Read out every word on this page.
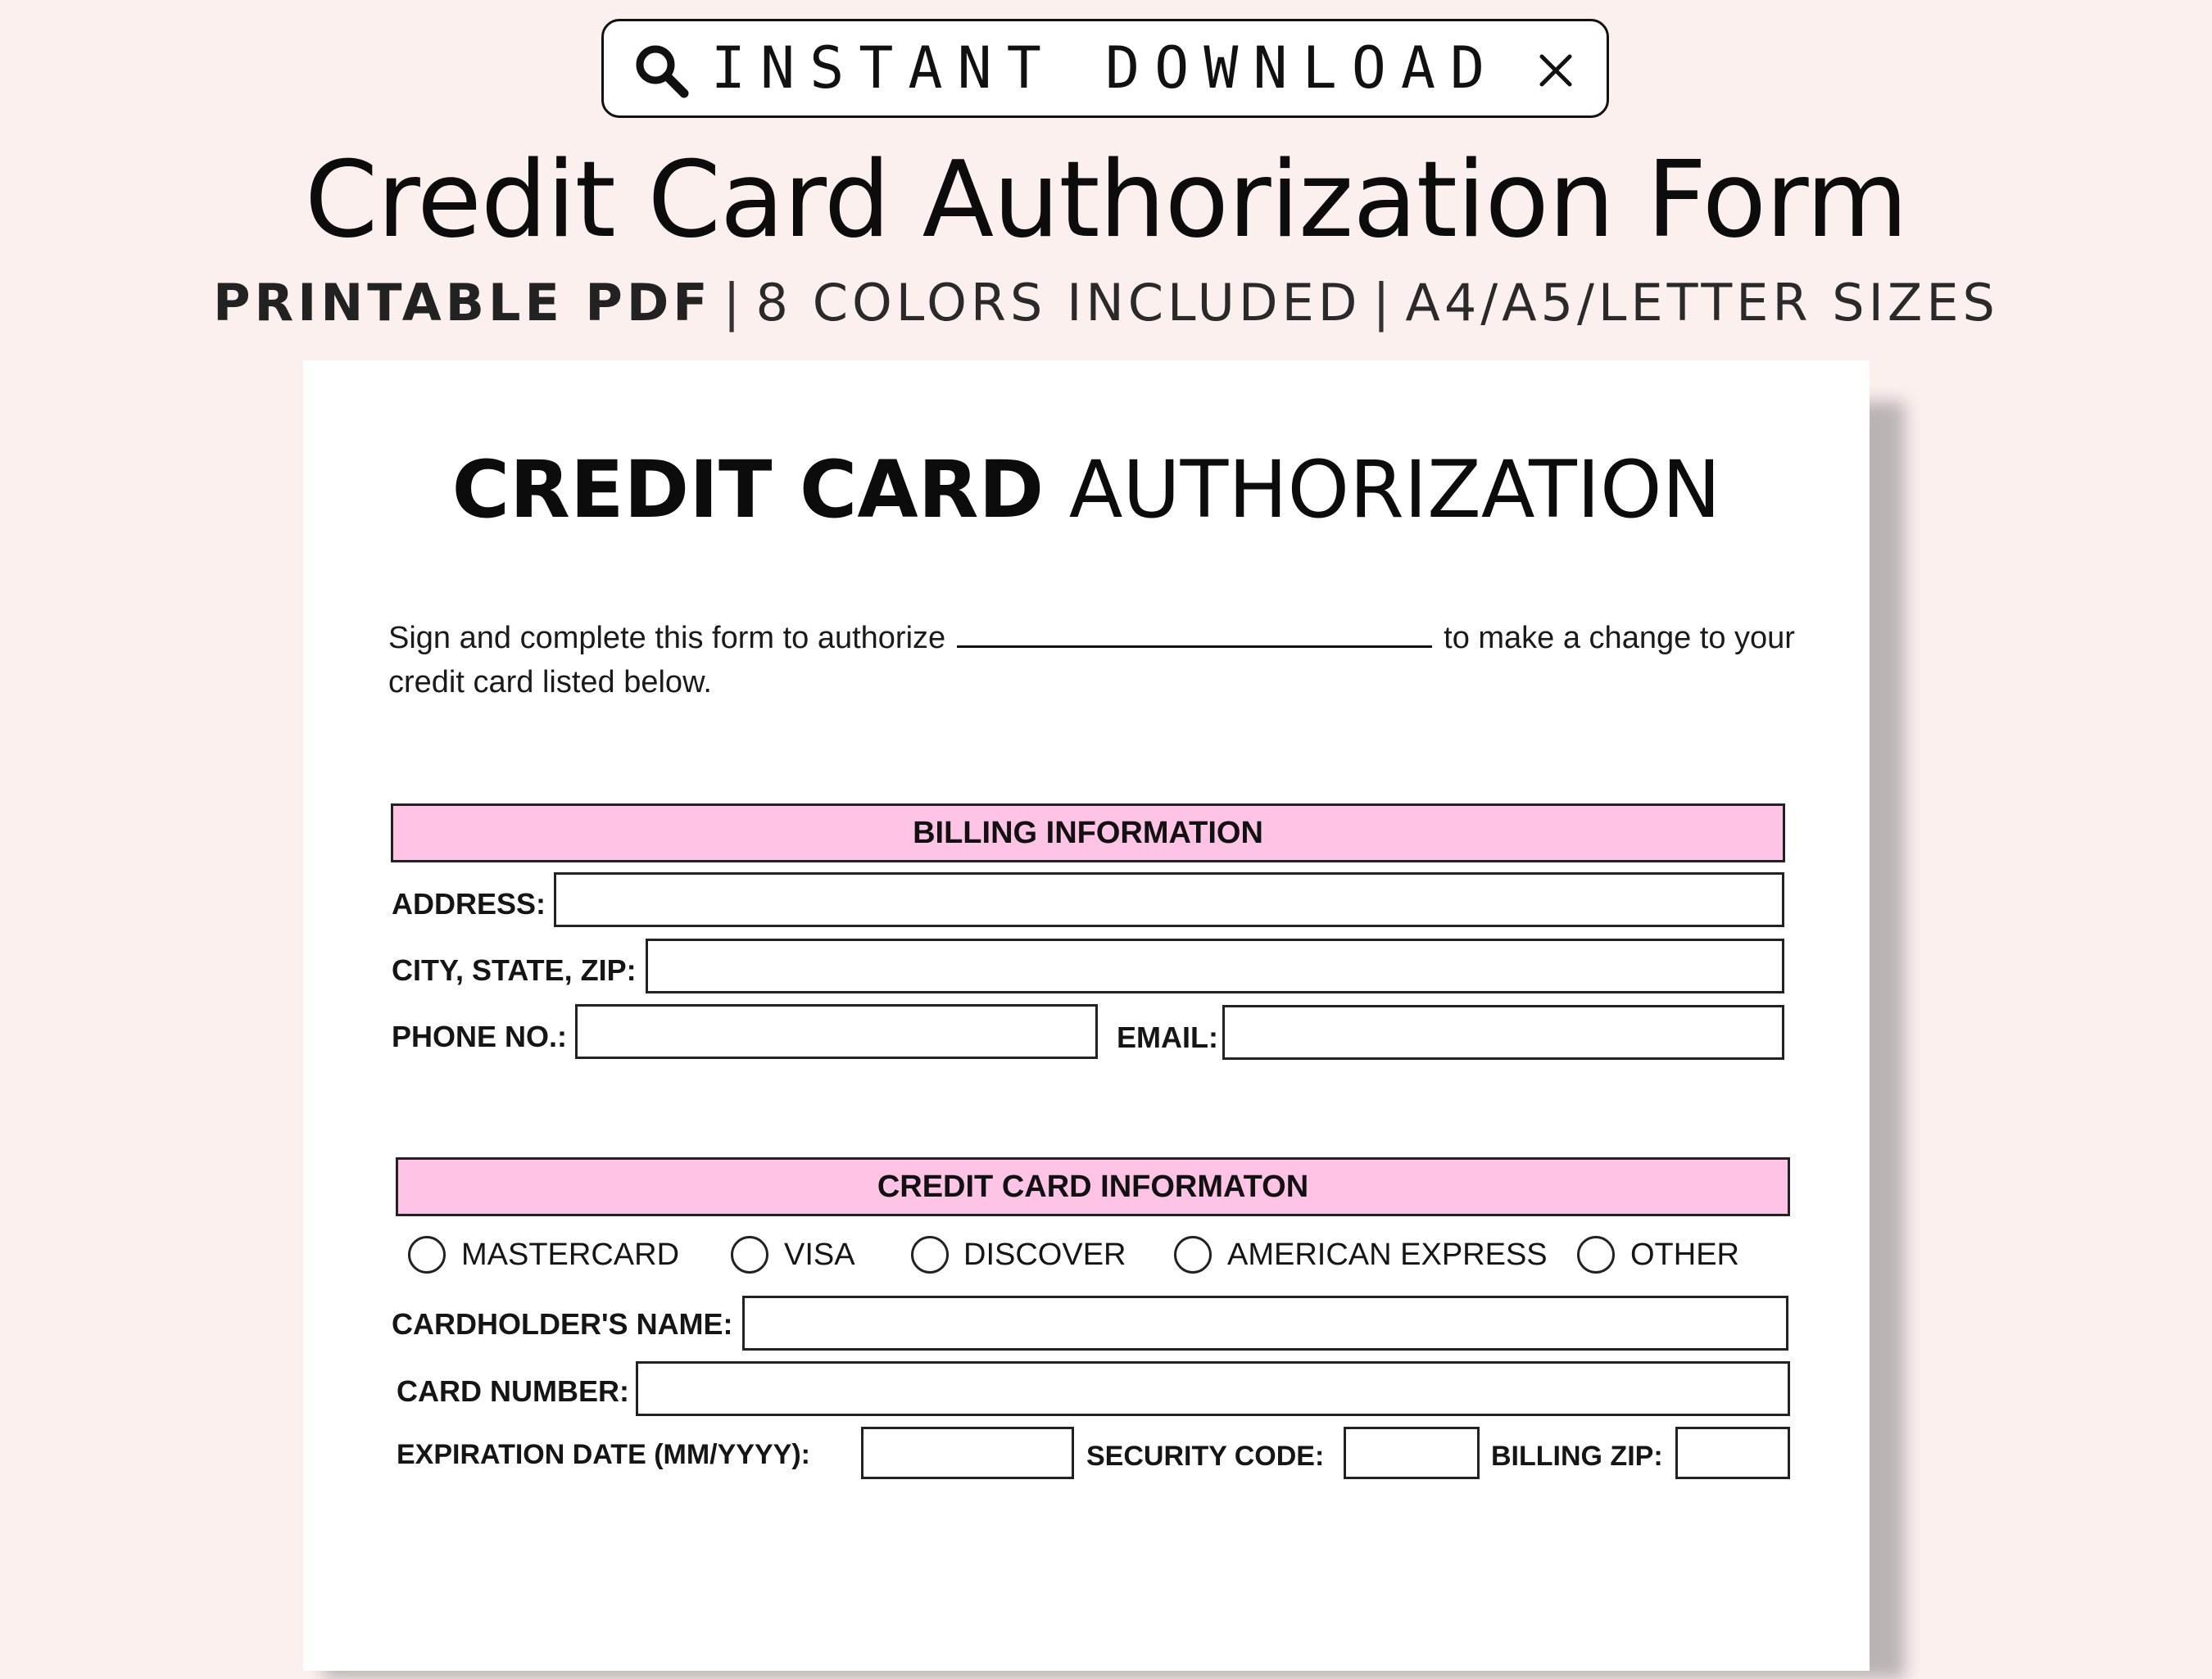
INSTANT DOWNLOAD
Credit Card Authorization Form
PRINTABLE PDF | 8 COLORS INCLUDED | A4/A5/LETTER SIZES
CREDIT CARD AUTHORIZATION
Sign and complete this form to authorize	to make a change to your credit card listed below.
BILLING INFORMATION
ADDRESS:
CITY, STATE, ZIP:
PHONE NO.:	EMAIL:
CREDIT CARD INFORMATON
MASTERCARD	VISA	DISCOVER	AMERICAN EXPRESS	OTHER
CARDHOLDER'S NAME:
CARD NUMBER:
EXPIRATION DATE (MM/YYYY):	SECURITY CODE:	BILLING ZIP:
